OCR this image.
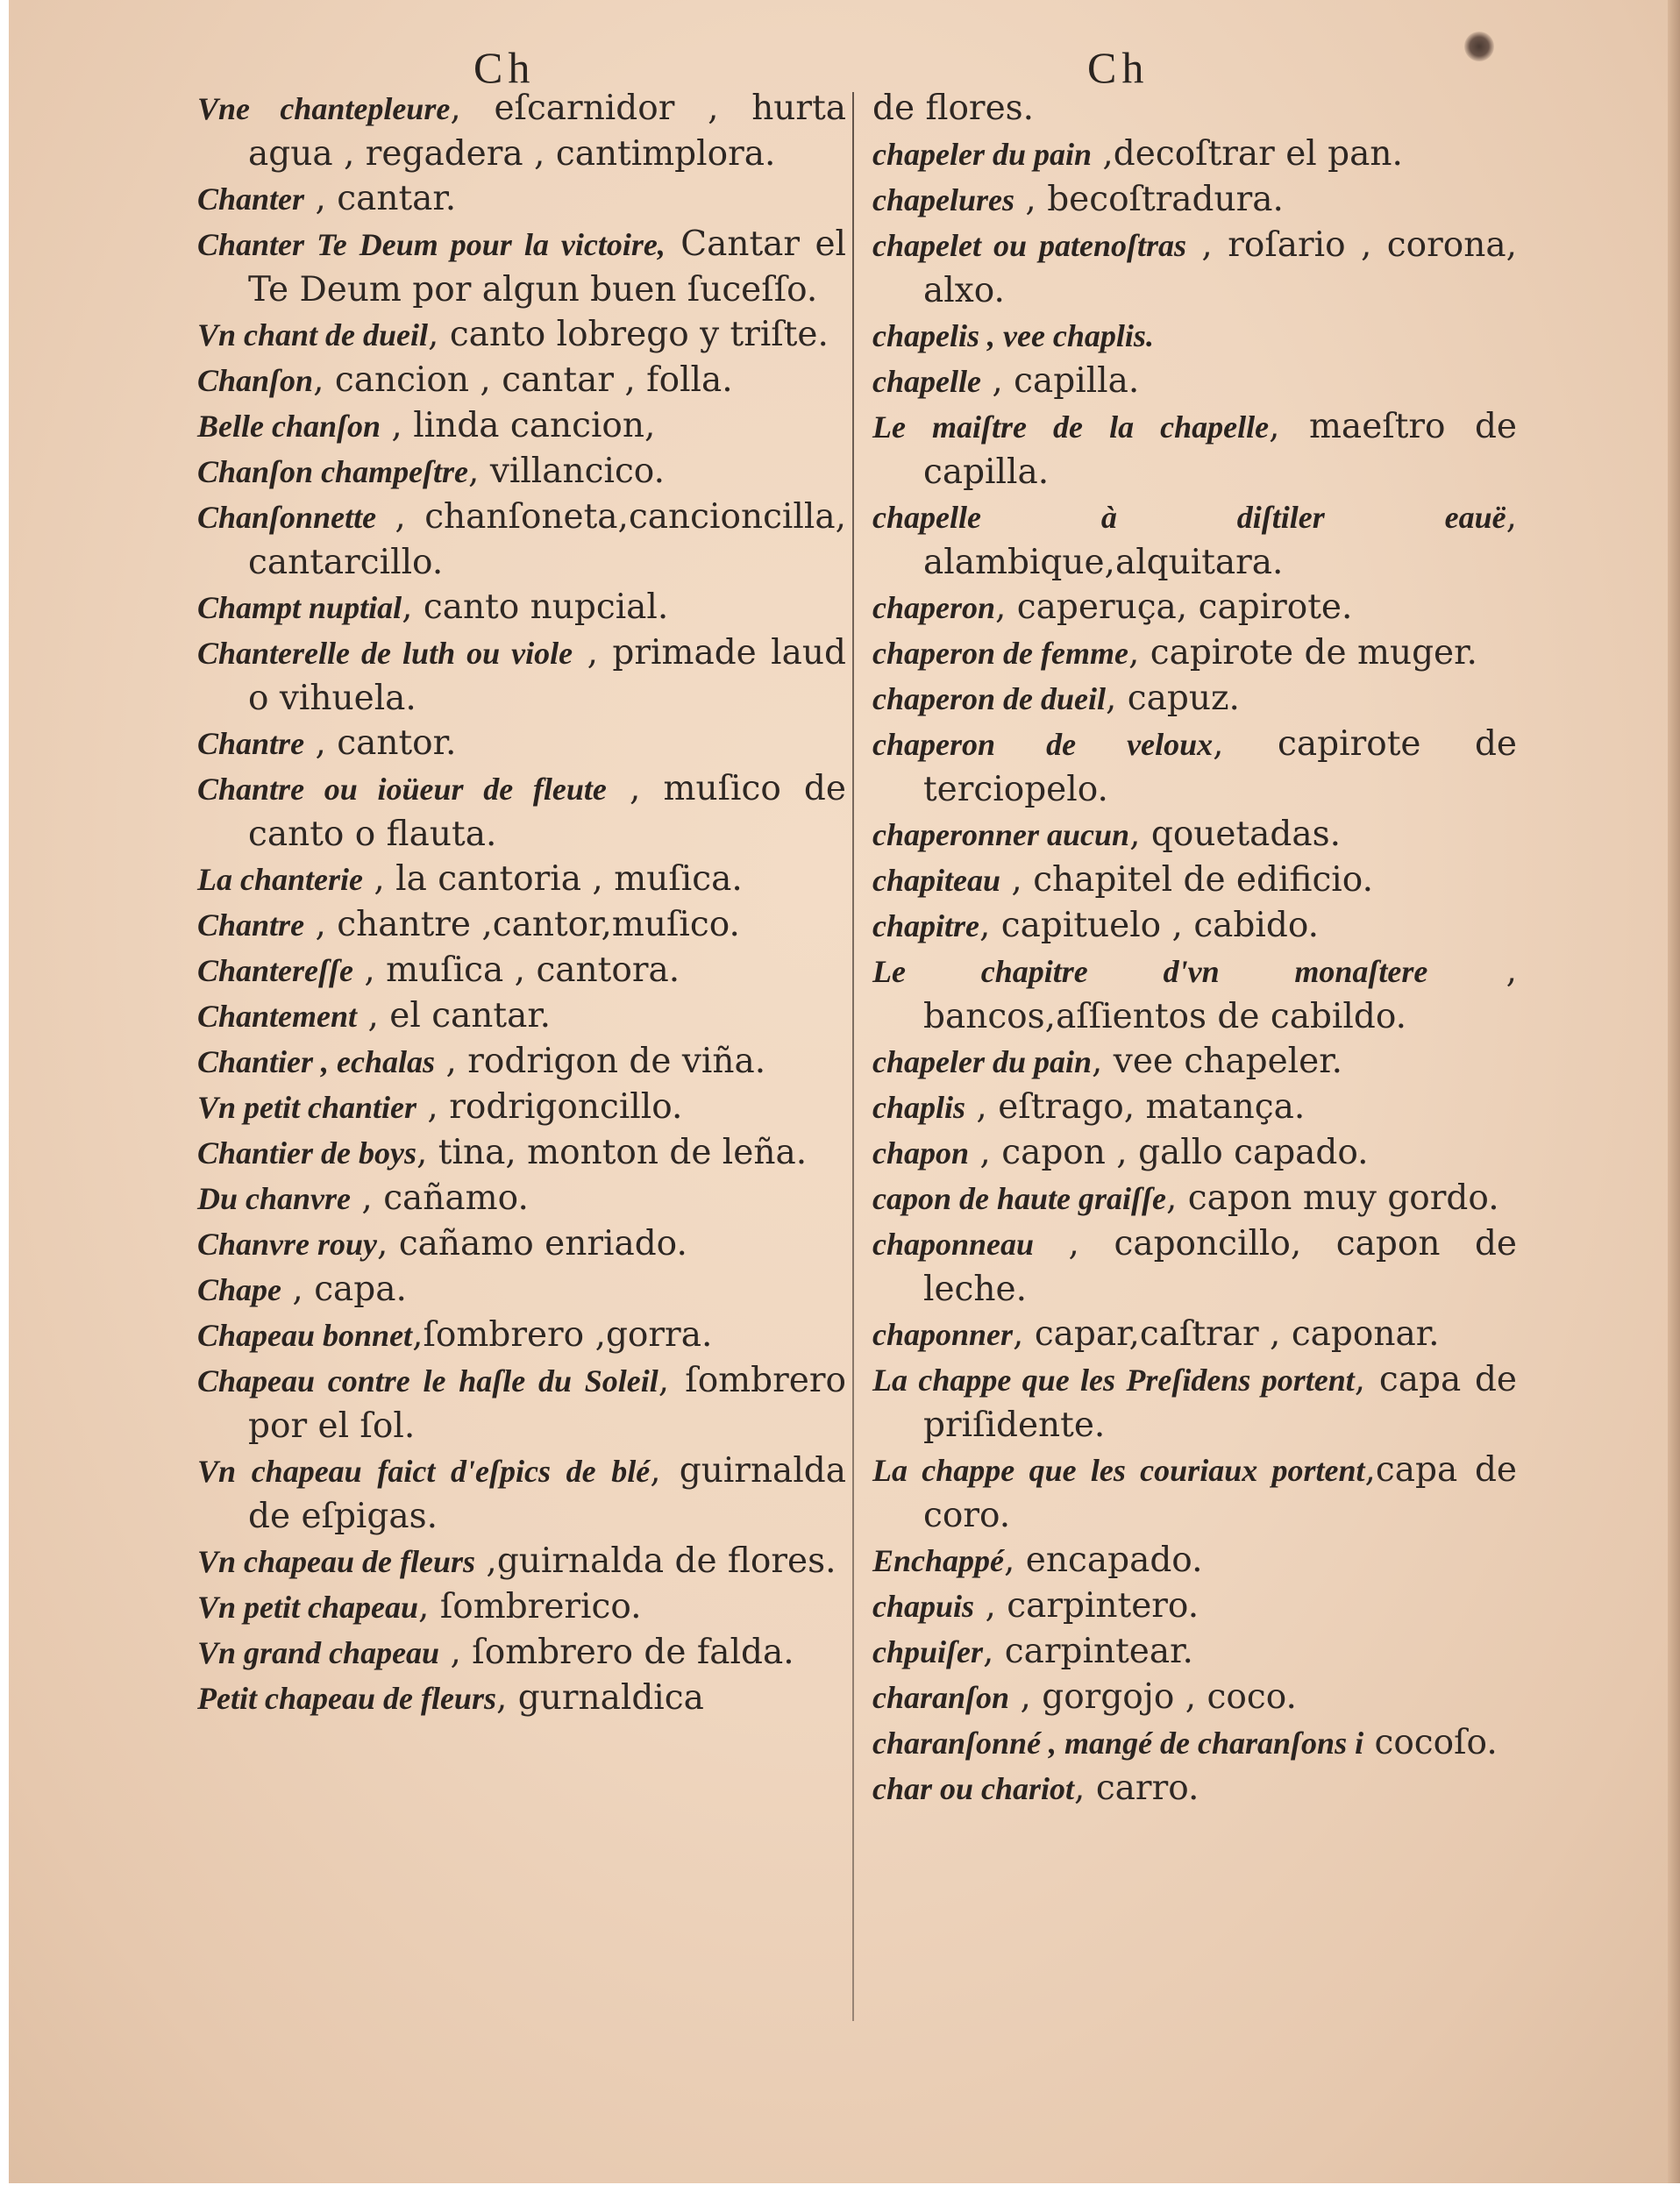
Ch	Ch

Vne chantepleure, eſcarnidor , hurta agua , regadera , cantimplora.

Chanter , cantar.

Chanter Te Deum pour la victoire, Cantar el Te Deum por algun buen ſuceſſo.

Vn chant de dueil, canto lobrego y triſte.

Chanſon, cancion , cantar , folla.

Belle chanſon , linda cancion,

Chanſon champeſtre, villancico.

Chanſonnette , chanſoneta,cancioncilla, cantarcillo.

Champt nuptial, canto nupcial.

Chanterelle de luth ou viole , primade laud o vihuela.

Chantre , cantor.

Chantre ou ioüeur de fleute , muſico de canto o flauta.

La chanterie , la cantoria , muſica.

Chantre , chantre ,cantor,muſico.

Chantereſſe , muſica , cantora.

Chantement , el cantar.

Chantier , echalas , rodrigon de viña.

Vn petit chantier , rodrigoncillo.

Chantier de boys, tina, monton de leña.

Du chanvre , cañamo.

Chanvre rouy, cañamo enriado.

Chape , capa.

Chapeau bonnet,ſombrero ,gorra.

Chapeau contre le haſle du Soleil, ſombrero por el ſol.

Vn chapeau faict d'eſpics de blé, guirnalda de eſpigas.

Vn chapeau de fleurs ,guirnalda de flores.

Vn petit chapeau, ſombrerico.

Vn grand chapeau , ſombrero de falda.

Petit chapeau de fleurs, gurnaldica

de flores.

chapeler du pain ,decoſtrar el pan.

chapelures , becoſtradura.

chapelet ou patenoſtras , roſario , corona, alxo.

chapelis , vee chaplis.

chapelle , capilla.

Le maiſtre de la chapelle, maeſtro de capilla.

chapelle à diſtiler eauë, alambique,alquitara.

chaperon, caperuça, capirote.

chaperon de femme, capirote de muger.

chaperon de dueil, capuz.

chaperon de veloux, capirote de terciopelo.

chaperonner aucun, qouetadas.

chapiteau , chapitel de edificio.

chapitre, capituelo , cabido.

Le chapitre d'vn monaſtere , bancos,aſſientos de cabildo.

chapeler du pain, vee chapeler.

chaplis , eſtrago, matança.

chapon , capon , gallo capado.

capon de haute graiſſe, capon muy gordo.

chaponneau , caponcillo, capon de leche.

chaponner, capar,caſtrar , caponar.

La chappe que les Preſidens portent, capa de priſidente.

La chappe que les couriaux portent,capa de coro.

Enchappé, encapado.

chapuis , carpintero.

chpuiſer, carpintear.

charanſon , gorgojo , coco.

charanſonné , mangé de charanſons i cocoſo.

char ou chariot, carro.
